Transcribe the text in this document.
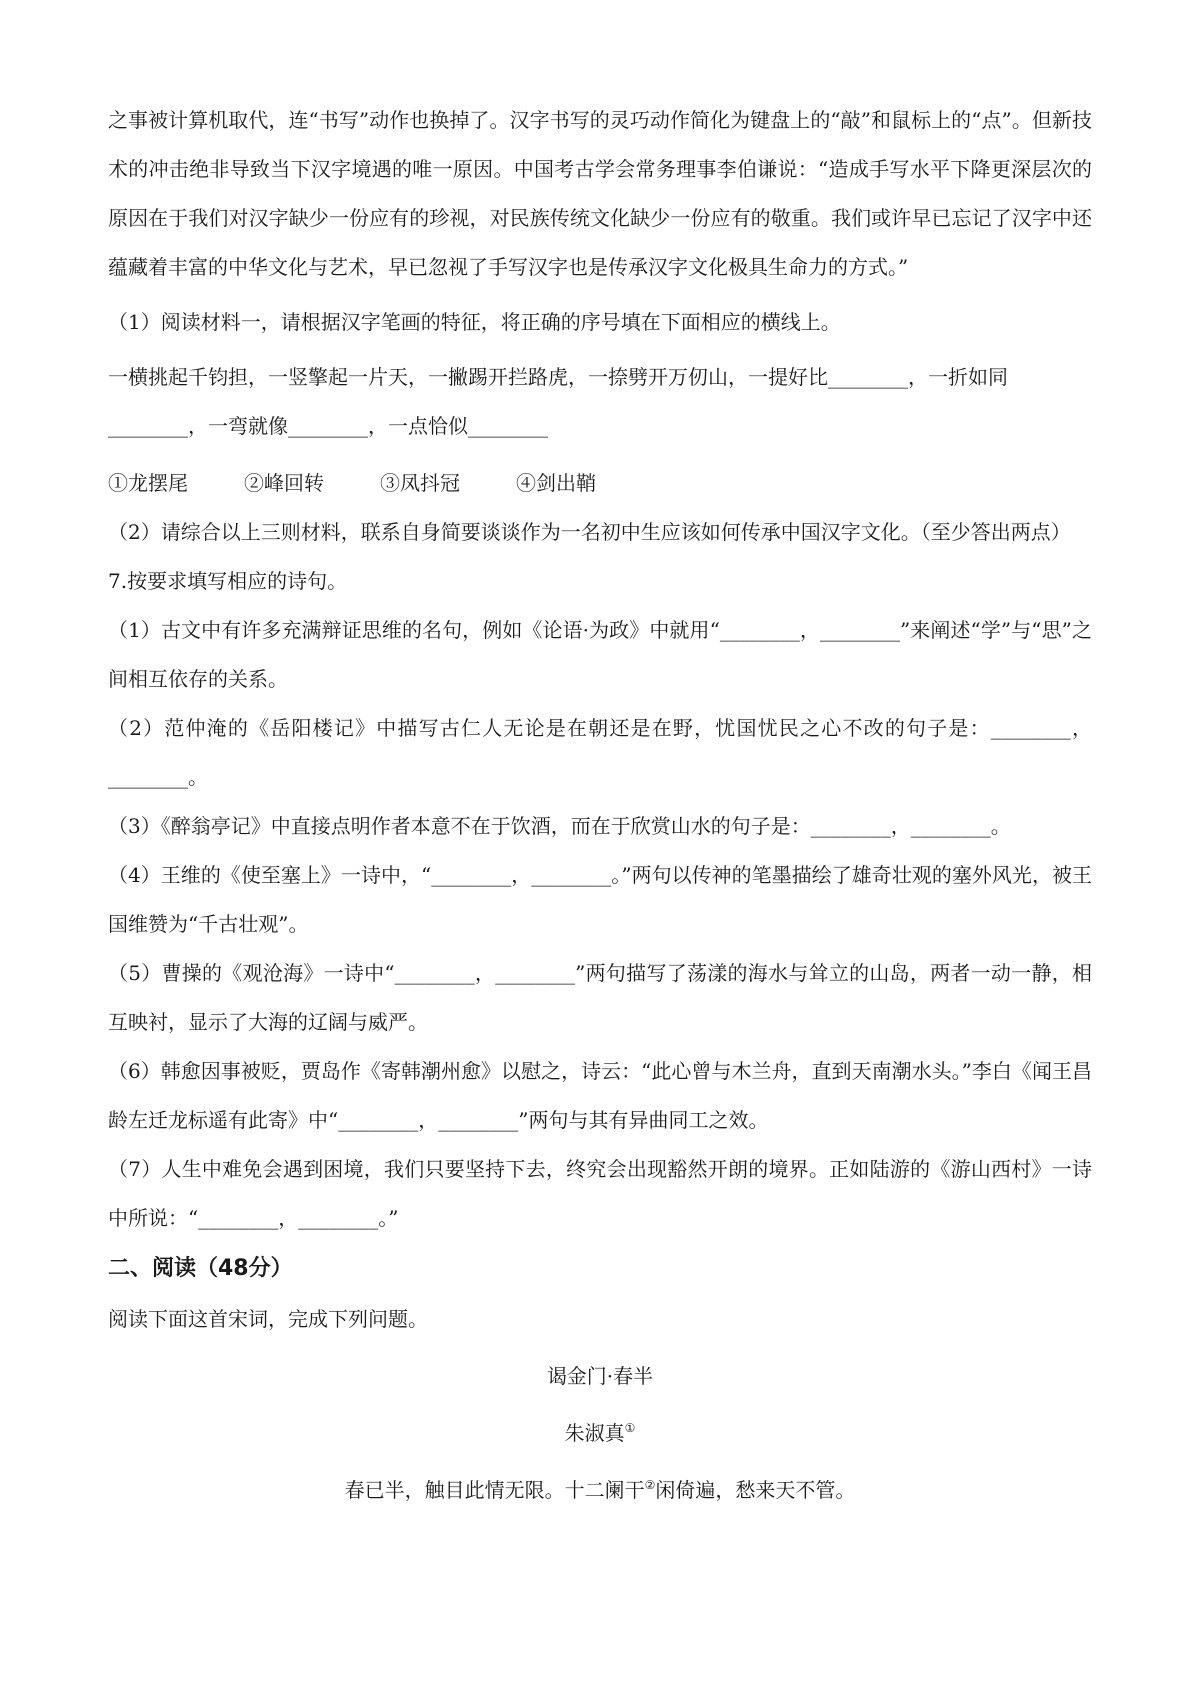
之事被计算机取代，连“书写”动作也换掉了。汉字书写的灵巧动作简化为键盘上的“敲”和鼠标上的“点”。但新技术的冲击绝非导致当下汉字境遇的唯一原因。中国考古学会常务理事李伯谦说：“造成手写水平下降更深层次的原因在于我们对汉字缺少一份应有的珍视，对民族传统文化缺少一份应有的敬重。我们或许早已忘记了汉字中还蕴藏着丰富的中华文化与艺术，早已忽视了手写汉字也是传承汉字文化极具生命力的方式。”

（1）阅读材料一，请根据汉字笔画的特征，将正确的序号填在下面相应的横线上。

一横挑起千钧担，一竖擎起一片天，一撇踢开拦路虎，一捺劈开万仞山，一提好比________，一折如同

________，一弯就像________，一点恰似________

①龙摆尾	②峰回转	③凤抖冠	④剑出鞘

（2）请综合以上三则材料，联系自身简要谈谈作为一名初中生应该如何传承中国汉字文化。（至少答出两点）

7.按要求填写相应的诗句。

（1）古文中有许多充满辩证思维的名句，例如《论语·为政》中就用“________，________”来阐述“学”与“思”之间相互依存的关系。

（2）范仲淹的《岳阳楼记》中描写古仁人无论是在朝还是在野，忧国忧民之心不改的句子是：________，________。

（3）《醉翁亭记》中直接点明作者本意不在于饮酒，而在于欣赏山水的句子是：________，________。

（4）王维的《使至塞上》一诗中，“________，________。”两句以传神的笔墨描绘了雄奇壮观的塞外风光，被王国维赞为“千古壮观”。

（5）曹操的《观沧海》一诗中“________，________”两句描写了荡漾的海水与耸立的山岛，两者一动一静，相互映衬，显示了大海的辽阔与威严。

（6）韩愈因事被贬，贾岛作《寄韩潮州愈》以慰之，诗云：“此心曾与木兰舟，直到天南潮水头。”李白《闻王昌龄左迁龙标遥有此寄》中“________，________”两句与其有异曲同工之效。

（7）人生中难免会遇到困境，我们只要坚持下去，终究会出现豁然开朗的境界。正如陆游的《游山西村》一诗中所说：“________，________。”

二、阅读（48分）

阅读下面这首宋词，完成下列问题。

谒金门·春半

朱淑真①

春已半，触目此情无限。十二阑干②闲倚遍，愁来天不管。
